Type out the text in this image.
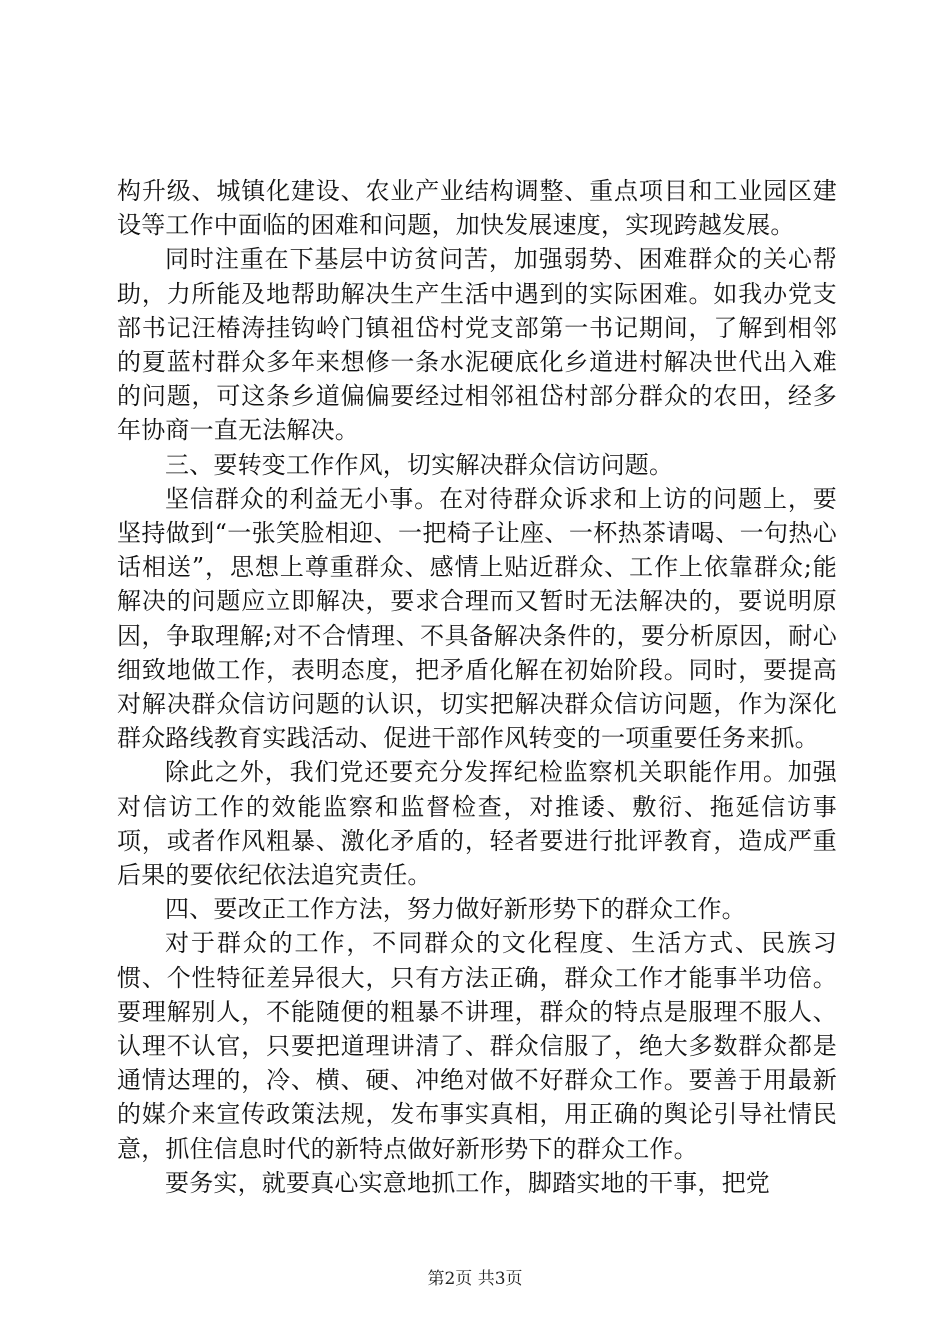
构升级、城镇化建设、农业产业结构调整、重点项目和工业园区建设等工作中面临的困难和问题，加快发展速度，实现跨越发展。

同时注重在下基层中访贫问苦，加强弱势、困难群众的关心帮助，力所能及地帮助解决生产生活中遇到的实际困难。如我办党支部书记汪椿涛挂钩岭门镇祖岱村党支部第一书记期间，了解到相邻的夏蓝村群众多年来想修一条水泥硬底化乡道进村解决世代出入难的问题，可这条乡道偏偏要经过相邻祖岱村部分群众的农田，经多年协商一直无法解决。

三、要转变工作作风，切实解决群众信访问题。

坚信群众的利益无小事。在对待群众诉求和上访的问题上，要坚持做到“一张笑脸相迎、一把椅子让座、一杯热茶请喝、一句热心话相送”，思想上尊重群众、感情上贴近群众、工作上依靠群众;能解决的问题应立即解决，要求合理而又暂时无法解决的，要说明原因，争取理解;对不合情理、不具备解决条件的，要分析原因，耐心细致地做工作，表明态度，把矛盾化解在初始阶段。同时，要提高对解决群众信访问题的认识，切实把解决群众信访问题，作为深化群众路线教育实践活动、促进干部作风转变的一项重要任务来抓。

除此之外，我们党还要充分发挥纪检监察机关职能作用。加强对信访工作的效能监察和监督检查，对推诿、敷衍、拖延信访事项，或者作风粗暴、激化矛盾的，轻者要进行批评教育，造成严重后果的要依纪依法追究责任。

四、要改正工作方法，努力做好新形势下的群众工作。

对于群众的工作，不同群众的文化程度、生活方式、民族习惯、个性特征差异很大，只有方法正确，群众工作才能事半功倍。要理解别人，不能随便的粗暴不讲理，群众的特点是服理不服人、认理不认官，只要把道理讲清了、群众信服了，绝大多数群众都是通情达理的，冷、横、硬、冲绝对做不好群众工作。要善于用最新的媒介来宣传政策法规，发布事实真相，用正确的舆论引导社情民意，抓住信息时代的新特点做好新形势下的群众工作。

要务实，就要真心实意地抓工作，脚踏实地的干事，把党

第2页 共3页
